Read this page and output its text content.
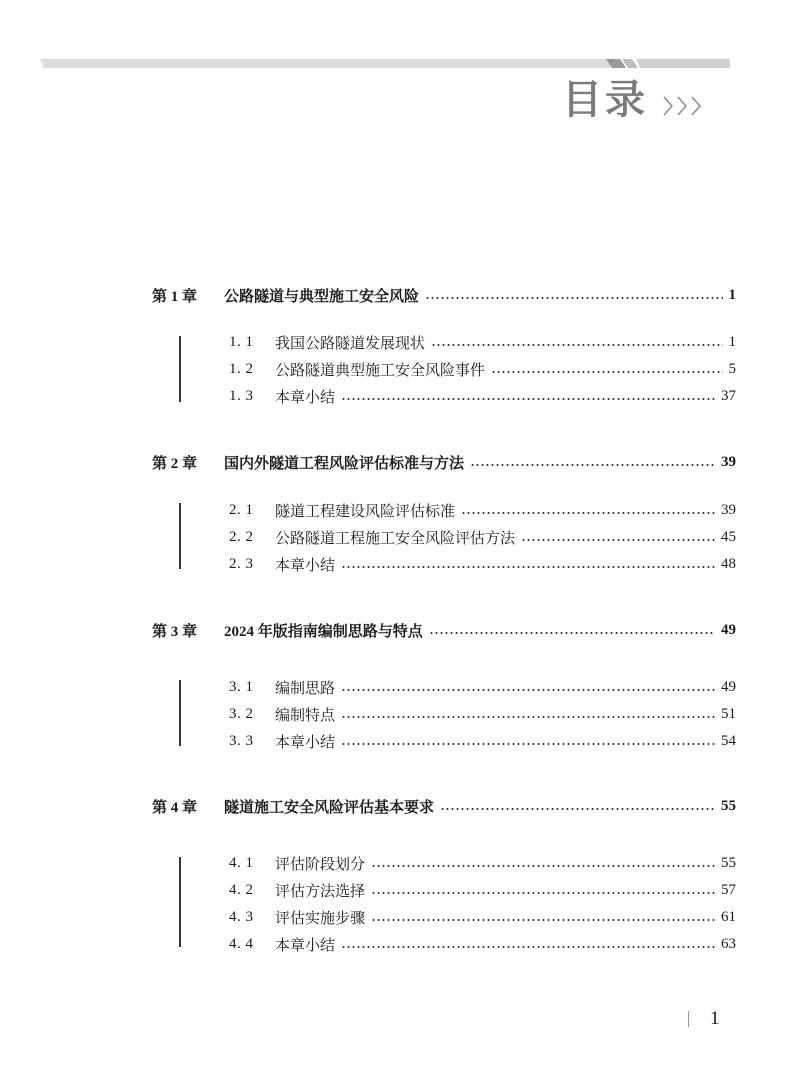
目录
第 1 章	公路隧道与典型施工安全风险	1
1. 1	我国公路隧道发展现状	1
1. 2	公路隧道典型施工安全风险事件	5
1. 3	本章小结	37
第 2 章	国内外隧道工程风险评估标准与方法	39
2. 1	隧道工程建设风险评估标准	39
2. 2	公路隧道工程施工安全风险评估方法	45
2. 3	本章小结	48
第 3 章	2024 年版指南编制思路与特点	49
3. 1	编制思路	49
3. 2	编制特点	51
3. 3	本章小结	54
第 4 章	隧道施工安全风险评估基本要求	55
4. 1	评估阶段划分	55
4. 2	评估方法选择	57
4. 3	评估实施步骤	61
4. 4	本章小结	63
1
